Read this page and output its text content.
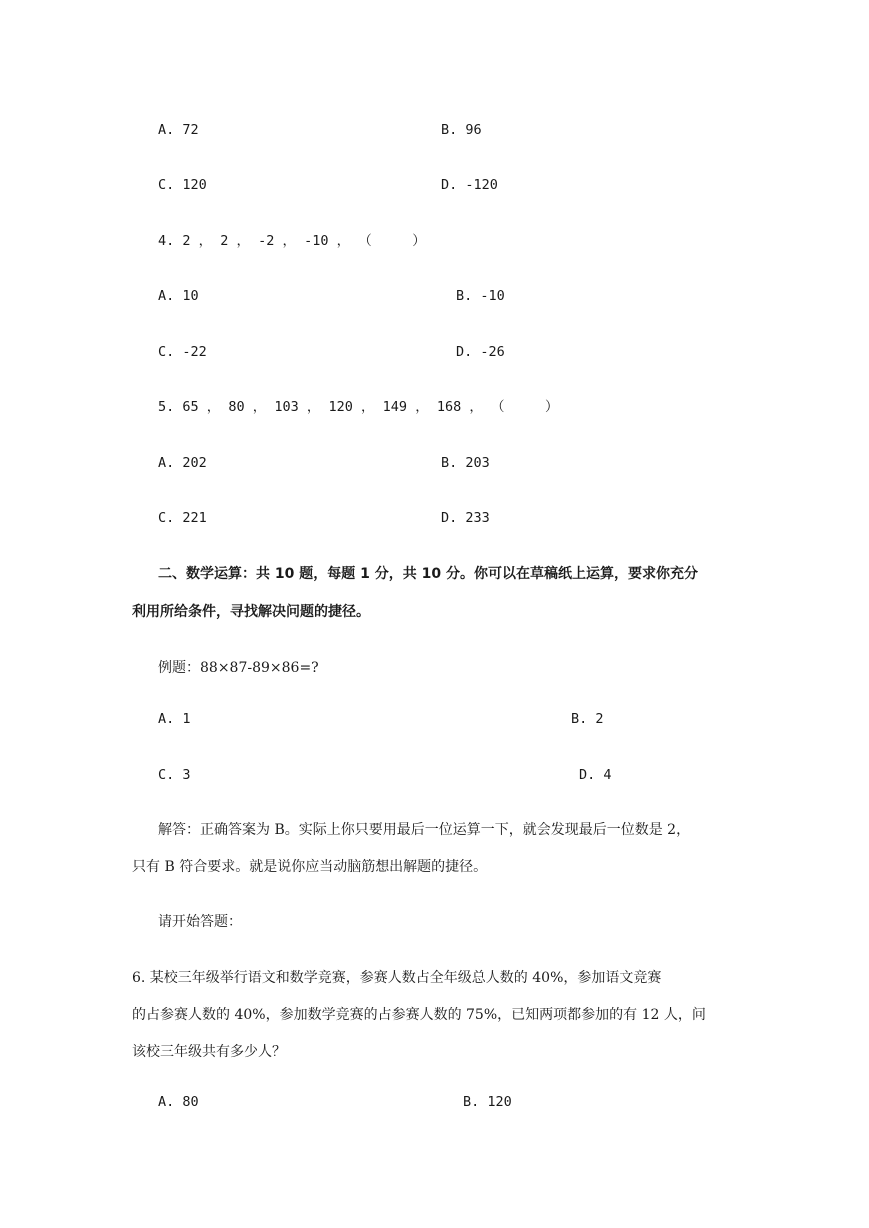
A. 72	B. 96
C. 120	D. -120
4. 2 ， 2 ， -2 ， -10 ， （　　　）
A. 10	B. -10
C. -22	D. -26
5. 65 ， 80 ， 103 ， 120 ， 149 ， 168 ， （　　　）
A. 202	B. 203
C. 221	D. 233
二、数学运算：共 10 题，每题 1 分，共 10 分。你可以在草稿纸上运算，要求你充分
利用所给条件，寻找解决问题的捷径。
例题：88×87-89×86=?
A. 1	B. 2
C. 3	D. 4
解答：正确答案为 B。实际上你只要用最后一位运算一下，就会发现最后一位数是 2，
只有 B 符合要求。就是说你应当动脑筋想出解题的捷径。
请开始答题：
6. 某校三年级举行语文和数学竞赛，参赛人数占全年级总人数的 40%，参加语文竞赛
的占参赛人数的 40%，参加数学竞赛的占参赛人数的 75%，已知两项都参加的有 12 人，问
该校三年级共有多少人？
A. 80	B. 120
